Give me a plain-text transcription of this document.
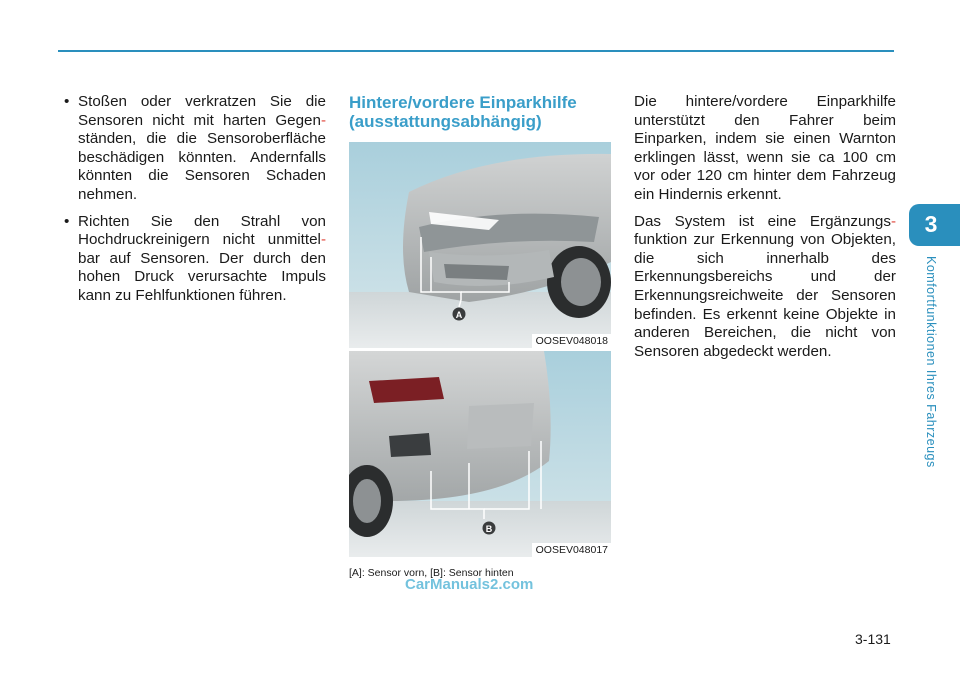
• Stoßen oder verkratzen Sie die Sensoren nicht mit harten Gegen- ständen, die die Sensoroberfläche beschädigen könnten. Andernfalls könnten die Sensoren Schaden nehmen.
• Richten Sie den Strahl von Hochdruckreinigern nicht unmittel- bar auf Sensoren. Der durch den hohen Druck verursachte Impuls kann zu Fehlfunktionen führen.
Hintere/vordere Einparkhilfe
(ausstattungsabhängig)
A
OOSEV048018
B
OOSEV048017
[A]: Sensor vorn, [B]: Sensor hinten
CarManuals2.com

Die hintere/vordere Einparkhilfe unterstützt den Fahrer beim Einparken, indem sie einen Warnton erklingen lässt, wenn sie ca 100 cm vor oder 120 cm hinter dem Fahrzeug ein Hindernis erkennt.

Das System ist eine Ergänzungs- funktion zur Erkennung von Objekten, die sich innerhalb des Erkennungsbereichs und der Erkennungsreichweite der Sensoren befinden. Es erkennt keine Objekte in anderen Bereichen, die nicht von Sensoren abgedeckt werden.

3
Komfortfunktionen Ihres Fahrzeugs
3-131
